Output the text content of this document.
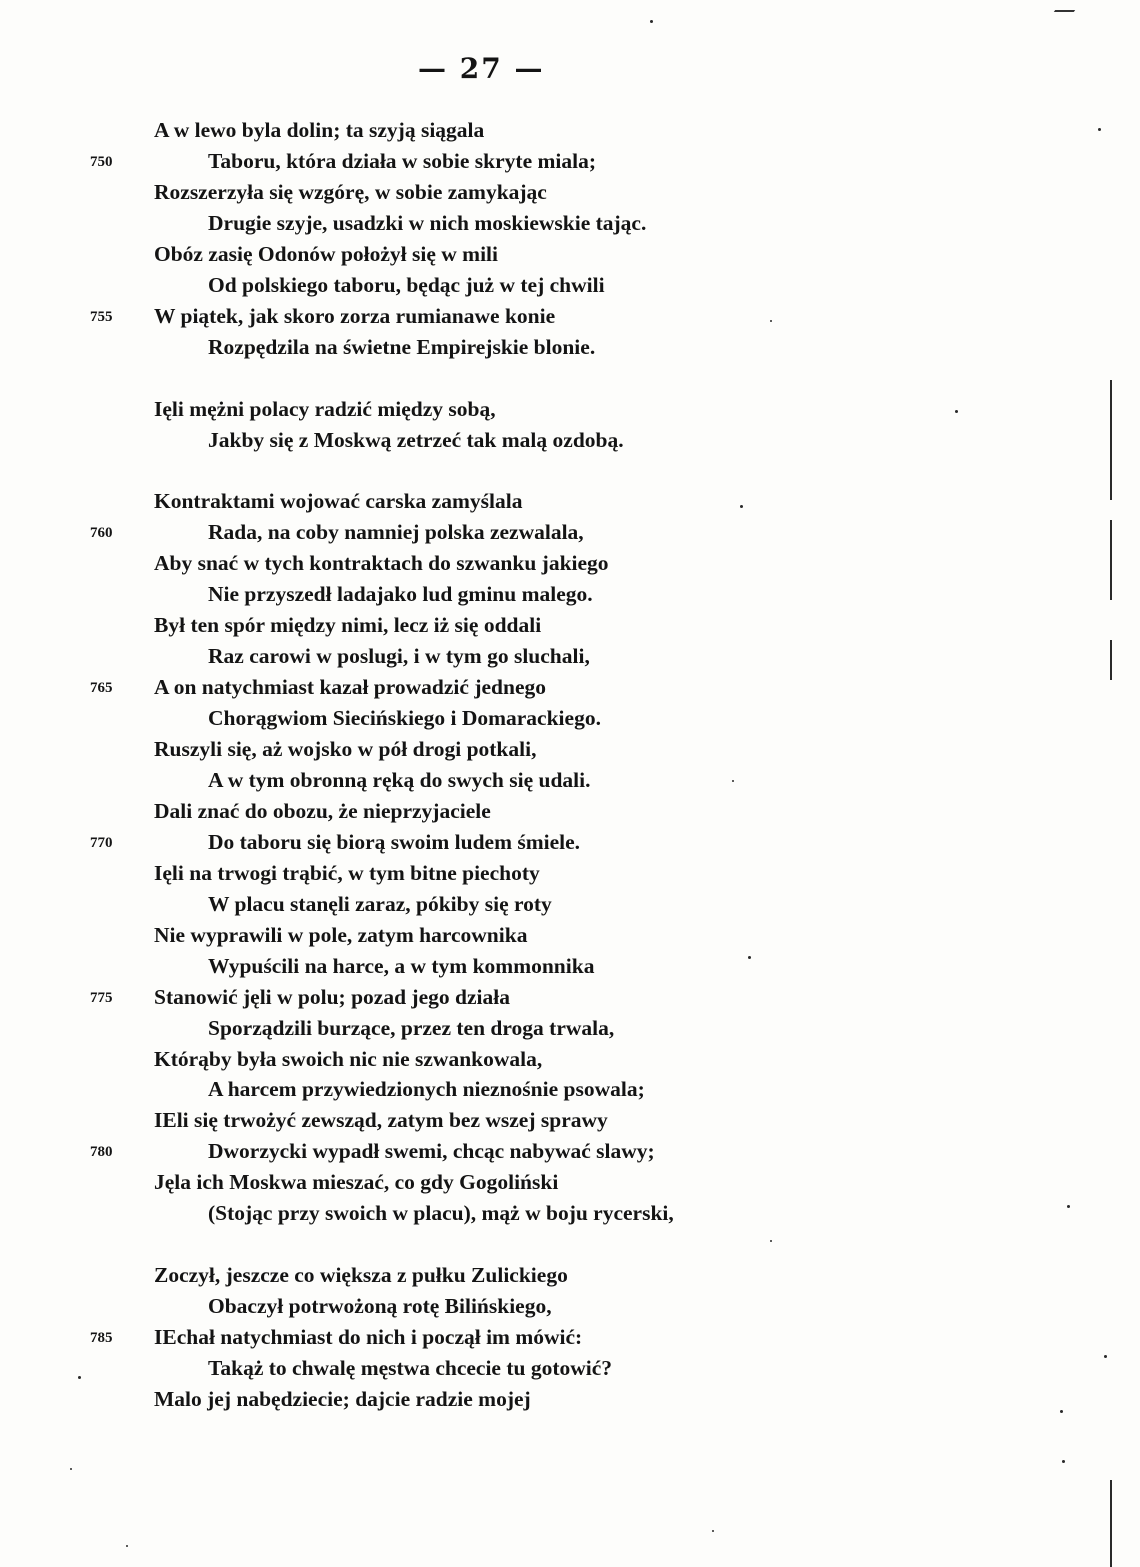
— 27 —
A w lewo byla dolin; ta szyją siągala
Taboru, która działa w sobie skryte miala;
750
Rozszerzyła się wzgórę, w sobie zamykając
Drugie szyje, usadzki w nich moskiewskie tając.
Obóz zasię Odonów położył się w mili
Od polskiego taboru, będąc już w tej chwili
W piątek, jak skoro zorza rumianawe konie
755
Rozpędzila na świetne Empirejskie blonie.
Ięli mężni polacy radzić między sobą,
Jakby się z Moskwą zetrzeć tak malą ozdobą.
Kontraktami wojować carska zamyślala
Rada, na coby namniej polska zezwalala,
760
Aby snać w tych kontraktach do szwanku jakiego
Nie przyszedł ladajako lud gminu malego.
Był ten spór między nimi, lecz iż się oddali
Raz carowi w poslugi, i w tym go sluchali,
A on natychmiast kazał prowadzić jednego
765
Chorągwiom Siecińskiego i Domarackiego.
Ruszyli się, aż wojsko w pół drogi potkali,
A w tym obronną ręką do swych się udali.
Dali znać do obozu, że nieprzyjaciele
Do taboru się biorą swoim ludem śmiele.
770
Ięli na trwogi trąbić, w tym bitne piechoty
W placu stanęli zaraz, pókiby się roty
Nie wyprawili w pole, zatym harcownika
Wypuścili na harce, a w tym kommonnika
Stanowić jęli w polu; pozad jego działa
775
Sporządzili burzące, przez ten droga trwala,
Którąby była swoich nic nie szwankowala,
A harcem przywiedzionych nieznośnie psowala;
IEli się trwożyć zewsząd, zatym bez wszej sprawy
Dworzycki wypadł swemi, chcąc nabywać slawy;
780
Jęla ich Moskwa mieszać, co gdy Gogoliński
(Stojąc przy swoich w placu), mąż w boju rycerski,
Zoczył, jeszcze co większa z pułku Zulickiego
Obaczył potrwożoną rotę Bilińskiego,
IEchał natychmiast do nich i począł im mówić:
785
Takąż to chwalę męstwa chcecie tu gotowić?
Malo jej nabędziecie; dajcie radzie mojej
